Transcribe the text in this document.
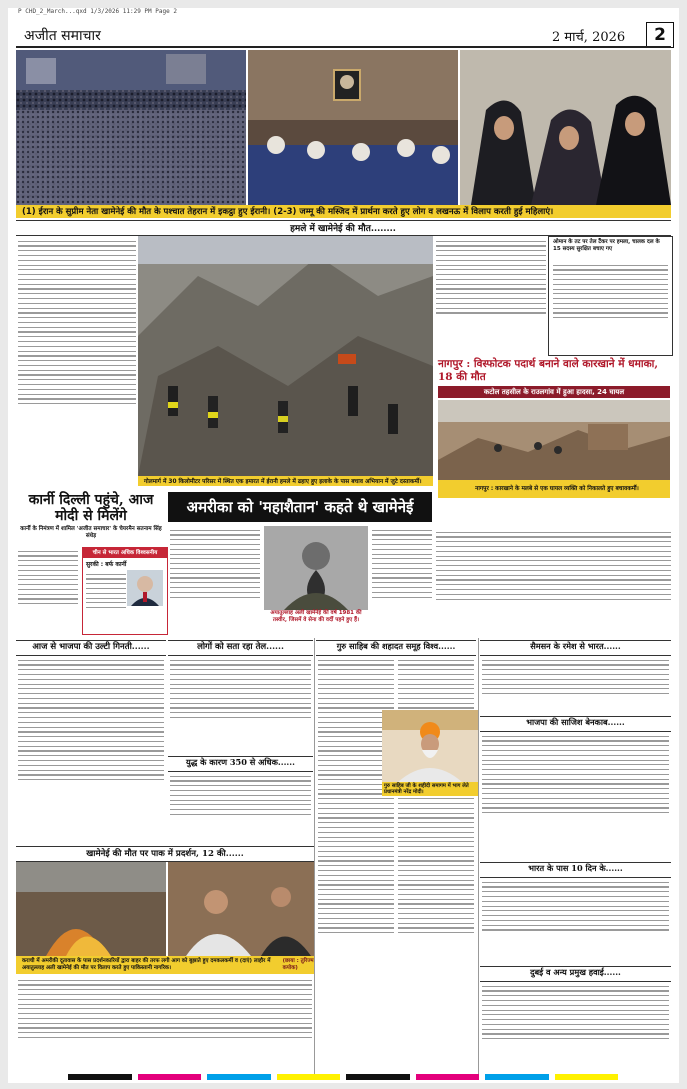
P CHD_2_March...qxd 1/3/2026 11:29 PM Page 2
अजीत समाचार	2 मार्च, 2026	2
(1) ईरान के सुप्रीम नेता खामेनेई की मौत के पश्चात तेहरान में इकट्ठा हुए ईरानी। (2-3) जम्मू की मस्जिद में प्रार्थना करते हुए लोग व लखनऊ में विलाप करती हुई महिलाएं।
हमले में खामेनेई की मौत........
गोलमार्ग में 30 किलोमीटर परिसर में स्थित एक इमारत में ईरानी हमले में ढहाए हुए इलाके के पास बचाव अभियान में जुटे दस्ताकर्मी।
ओमान के तट पर तेल टैंकर पर हमला, चालक दल के 15 सदस्य सुरक्षित बचाए गए
नागपुर : विस्फोटक पदार्थ बनाने वाले कारखाने में धमाका, 18 की मौत
कटोल तहसील के राउलगांव में हुआ हादसा, 24 घायल
नागपुर : कारखाने के मलबे से एक घायल व्यक्ति को निकालते हुए बचावकर्मी।
कार्नी दिल्ली पहुंचे, आज मोदी से मिलेंगे
कार्नी के निमंत्रण में शामिल 'अजीत समाचार' के चेयरमैन सतनाम सिंह संधेड़
चीन से भारत अधिक विश्वसनीय
सुरकी : बर्फ कार्नी
अमरीका को 'महाशैतान' कहते थे खामेनेई
अयातुल्लाह अली खामेनेई की वर्ष 1981 की तस्वीर, जिसमें वे सेना की वर्दी पहने हुए हैं।
आज से भाजपा की उल्टी गिनती......	लोगों को सता रहा तेल......
युद्ध के कारण 350 से अधिक......
गुरु साहिब की शहादत समूह विश्व......
गुरु साहिब जी के शहीदी समागम में भाग लेते प्रधानमंत्री नरेंद्र मोदी।
सैमसन के रमेश से भारत......
भाजपा की साजिश बेनकाब......
भारत के पास 10 दिन के......
दुबई व अन्य प्रमुख हवाई......
खामेनेई की मौत पर पाक में प्रदर्शन, 12 की......
कराची में अमरीकी दूतावास के पास प्रदर्शनकारियों द्वारा बाहर की तरफ लगी आग को बुझाते हुए दमकलकर्मी व (दाएं) लाहौर में अयातुल्लाह अली खामेनेई की मौत पर विलाप करते हुए पाकिस्तानी नागरिक।
(छाया : तुरिज्म कपोक)
